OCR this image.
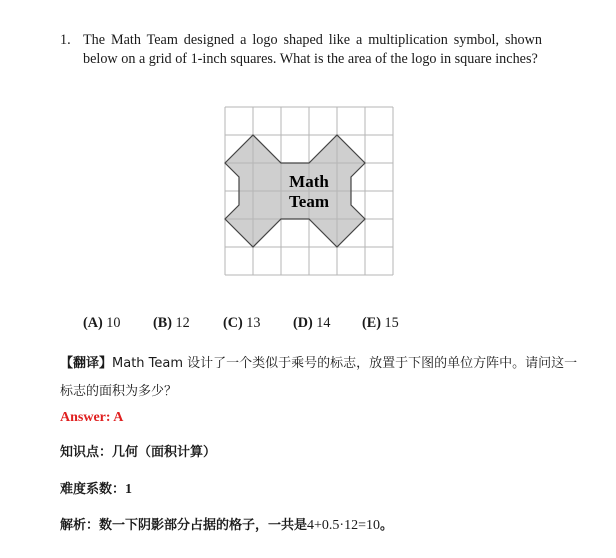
1. The Math Team designed a logo shaped like a multiplication symbol, shown below on a grid of 1-inch squares. What is the area of the logo in square inches?
Math
Team
(A) 10 (B) 12 (C) 13 (D) 14 (E) 15
【翻译】Math Team 设计了一个类似于乘号的标志，放置于下图的单位方阵中。请问这一标志的面积为多少？
Answer: A
知识点：几何（面积计算）
难度系数：1
解析：数一下阴影部分占据的格子，一共是4+0.5·12=10。
